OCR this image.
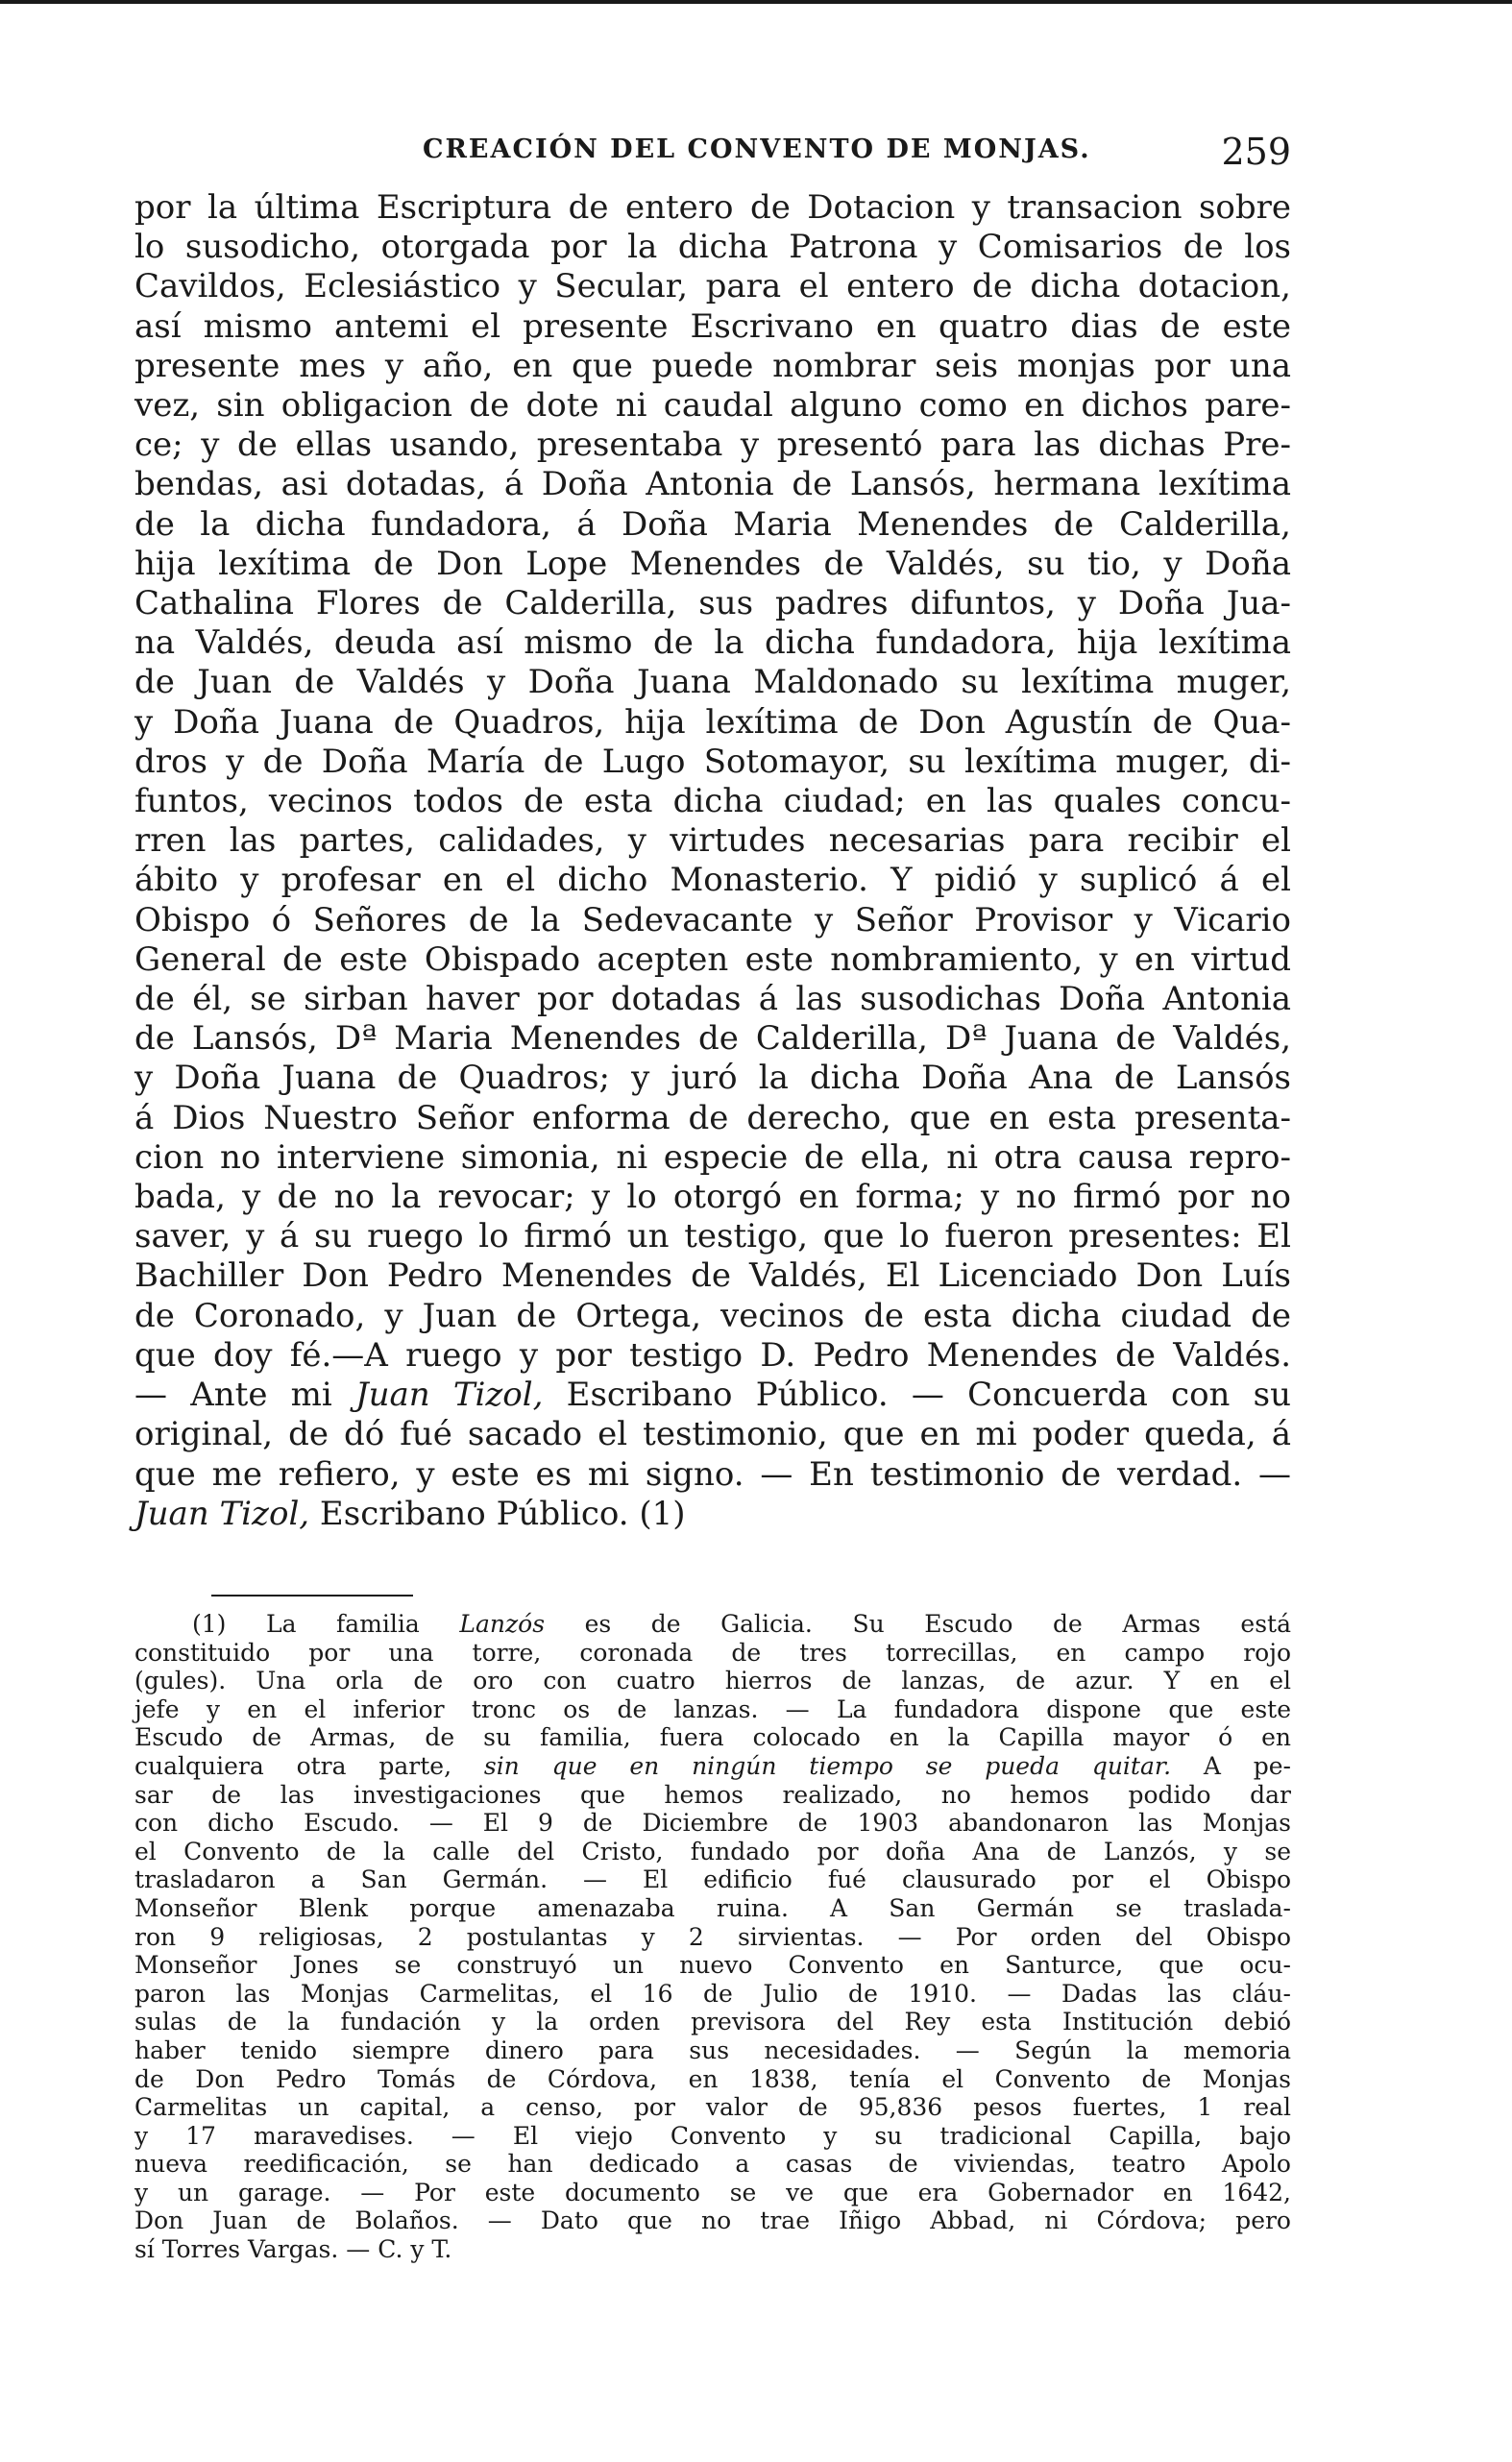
CREACIÓN DEL CONVENTO DE MONJAS.	259
por la última Escriptura de entero de Dotacion y transacion sobre
lo susodicho, otorgada por la dicha Patrona y Comisarios de los
Cavildos, Eclesiástico y Secular, para el entero de dicha dotacion,
así mismo antemi el presente Escrivano en quatro dias de este
presente mes y año, en que puede nombrar seis monjas por una
vez, sin obligacion de dote ni caudal alguno como en dichos pare-
ce; y de ellas usando, presentaba y presentó para las dichas Pre-
bendas, asi dotadas, á Doña Antonia de Lansós, hermana lexítima
de la dicha fundadora, á Doña Maria Menendes de Calderilla,
hija lexítima de Don Lope Menendes de Valdés, su tio, y Doña
Cathalina Flores de Calderilla, sus padres difuntos, y Doña Jua-
na Valdés, deuda así mismo de la dicha fundadora, hija lexítima
de Juan de Valdés y Doña Juana Maldonado su lexítima muger,
y Doña Juana de Quadros, hija lexítima de Don Agustín de Qua-
dros y de Doña María de Lugo Sotomayor, su lexítima muger, di-
funtos, vecinos todos de esta dicha ciudad; en las quales concu-
rren las partes, calidades, y virtudes necesarias para recibir el
ábito y profesar en el dicho Monasterio. Y pidió y suplicó á el
Obispo ó Señores de la Sedevacante y Señor Provisor y Vicario
General de este Obispado acepten este nombramiento, y en virtud
de él, se sirban haver por dotadas á las susodichas Doña Antonia
de Lansós, Dª Maria Menendes de Calderilla, Dª Juana de Valdés,
y Doña Juana de Quadros; y juró la dicha Doña Ana de Lansós
á Dios Nuestro Señor enforma de derecho, que en esta presenta-
cion no interviene simonia, ni especie de ella, ni otra causa repro-
bada, y de no la revocar; y lo otorgó en forma; y no firmó por no
saver, y á su ruego lo firmó un testigo, que lo fueron presentes: El
Bachiller Don Pedro Menendes de Valdés, El Licenciado Don Luís
de Coronado, y Juan de Ortega, vecinos de esta dicha ciudad de
que doy fé.—A ruego y por testigo D. Pedro Menendes de Valdés.
— Ante mi Juan Tizol, Escribano Público. — Concuerda con su
original, de dó fué sacado el testimonio, que en mi poder queda, á
que me refiero, y este es mi signo. — En testimonio de verdad. —
Juan Tizol, Escribano Público. (1)
(1) La familia Lanzós es de Galicia. Su Escudo de Armas está
constituido por una torre, coronada de tres torrecillas, en campo rojo
(gules). Una orla de oro con cuatro hierros de lanzas, de azur. Y en el
jefe y en el inferior tronc os de lanzas. — La fundadora dispone que este
Escudo de Armas, de su familia, fuera colocado en la Capilla mayor ó en
cualquiera otra parte, sin que en ningún tiempo se pueda quitar. A pe-
sar de las investigaciones que hemos realizado, no hemos podido dar
con dicho Escudo. — El 9 de Diciembre de 1903 abandonaron las Monjas
el Convento de la calle del Cristo, fundado por doña Ana de Lanzós, y se
trasladaron a San Germán. — El edificio fué clausurado por el Obispo
Monseñor Blenk porque amenazaba ruina. A San Germán se traslada-
ron 9 religiosas, 2 postulantas y 2 sirvientas. — Por orden del Obispo
Monseñor Jones se construyó un nuevo Convento en Santurce, que ocu-
paron las Monjas Carmelitas, el 16 de Julio de 1910. — Dadas las cláu-
sulas de la fundación y la orden previsora del Rey esta Institución debió
haber tenido siempre dinero para sus necesidades. — Según la memoria
de Don Pedro Tomás de Córdova, en 1838, tenía el Convento de Monjas
Carmelitas un capital, a censo, por valor de 95,836 pesos fuertes, 1 real
y 17 maravedises. — El viejo Convento y su tradicional Capilla, bajo
nueva reedificación, se han dedicado a casas de viviendas, teatro Apolo
y un garage. — Por este documento se ve que era Gobernador en 1642,
Don Juan de Bolaños. — Dato que no trae Iñigo Abbad, ni Córdova; pero
sí Torres Vargas. — C. y T.
